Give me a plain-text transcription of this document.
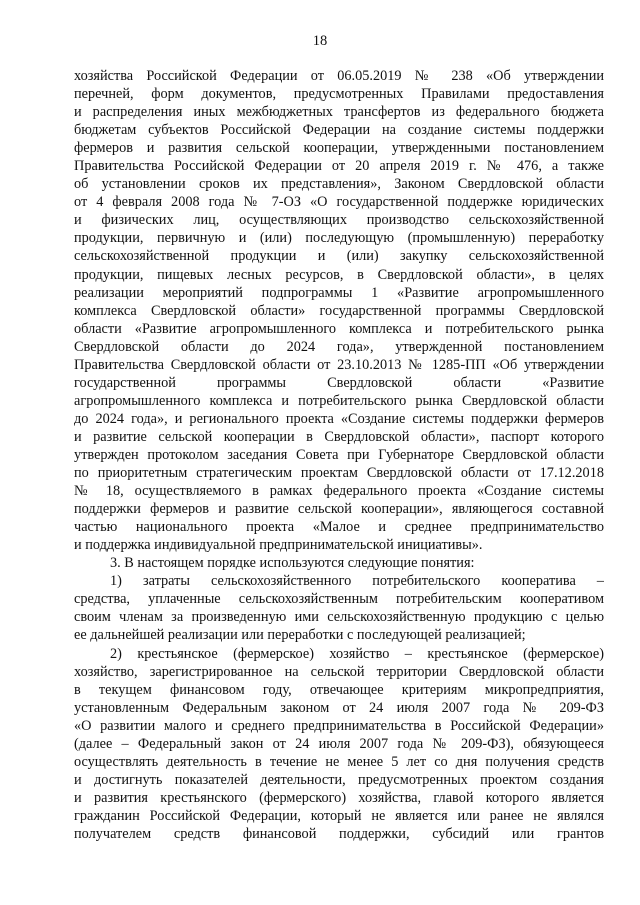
18
хозяйства Российской Федерации от 06.05.2019 № 238 «Об утверждении
перечней, форм документов, предусмотренных Правилами предоставления
и распределения иных межбюджетных трансфертов из федерального бюджета
бюджетам субъектов Российской Федерации на создание системы поддержки
фермеров и развития сельской кооперации, утвержденными постановлением
Правительства Российской Федерации от 20 апреля 2019 г. № 476, а также
об установлении сроков их представления», Законом Свердловской области
от 4 февраля 2008 года № 7-ОЗ «О государственной поддержке юридических
и физических лиц, осуществляющих производство сельскохозяйственной
продукции, первичную и (или) последующую (промышленную) переработку
сельскохозяйственной продукции и (или) закупку сельскохозяйственной
продукции, пищевых лесных ресурсов, в Свердловской области», в целях
реализации мероприятий подпрограммы 1 «Развитие агропромышленного
комплекса Свердловской области» государственной программы Свердловской
области «Развитие агропромышленного комплекса и потребительского рынка
Свердловской области до 2024 года», утвержденной постановлением
Правительства Свердловской области от 23.10.2013 № 1285-ПП «Об утверждении
государственной программы Свердловской области «Развитие
агропромышленного комплекса и потребительского рынка Свердловской области
до 2024 года», и регионального проекта «Создание системы поддержки фермеров
и развитие сельской кооперации в Свердловской области», паспорт которого
утвержден протоколом заседания Совета при Губернаторе Свердловской области
по приоритетным стратегическим проектам Свердловской области от 17.12.2018
№ 18, осуществляемого в рамках федерального проекта «Создание системы
поддержки фермеров и развитие сельской кооперации», являющегося составной
частью национального проекта «Малое и среднее предпринимательство
и поддержка индивидуальной предпринимательской инициативы».
3. В настоящем порядке используются следующие понятия:
1) затраты сельскохозяйственного потребительского кооператива –
средства, уплаченные сельскохозяйственным потребительским кооперативом
своим членам за произведенную ими сельскохозяйственную продукцию с целью
ее дальнейшей реализации или переработки с последующей реализацией;
2) крестьянское (фермерское) хозяйство – крестьянское (фермерское)
хозяйство, зарегистрированное на сельской территории Свердловской области
в текущем финансовом году, отвечающее критериям микропредприятия,
установленным Федеральным законом от 24 июля 2007 года № 209-ФЗ
«О развитии малого и среднего предпринимательства в Российской Федерации»
(далее – Федеральный закон от 24 июля 2007 года № 209-ФЗ), обязующееся
осуществлять деятельность в течение не менее 5 лет со дня получения средств
и достигнуть показателей деятельности, предусмотренных проектом создания
и развития крестьянского (фермерского) хозяйства, главой которого является
гражданин Российской Федерации, который не является или ранее не являлся
получателем средств финансовой поддержки, субсидий или грантов
